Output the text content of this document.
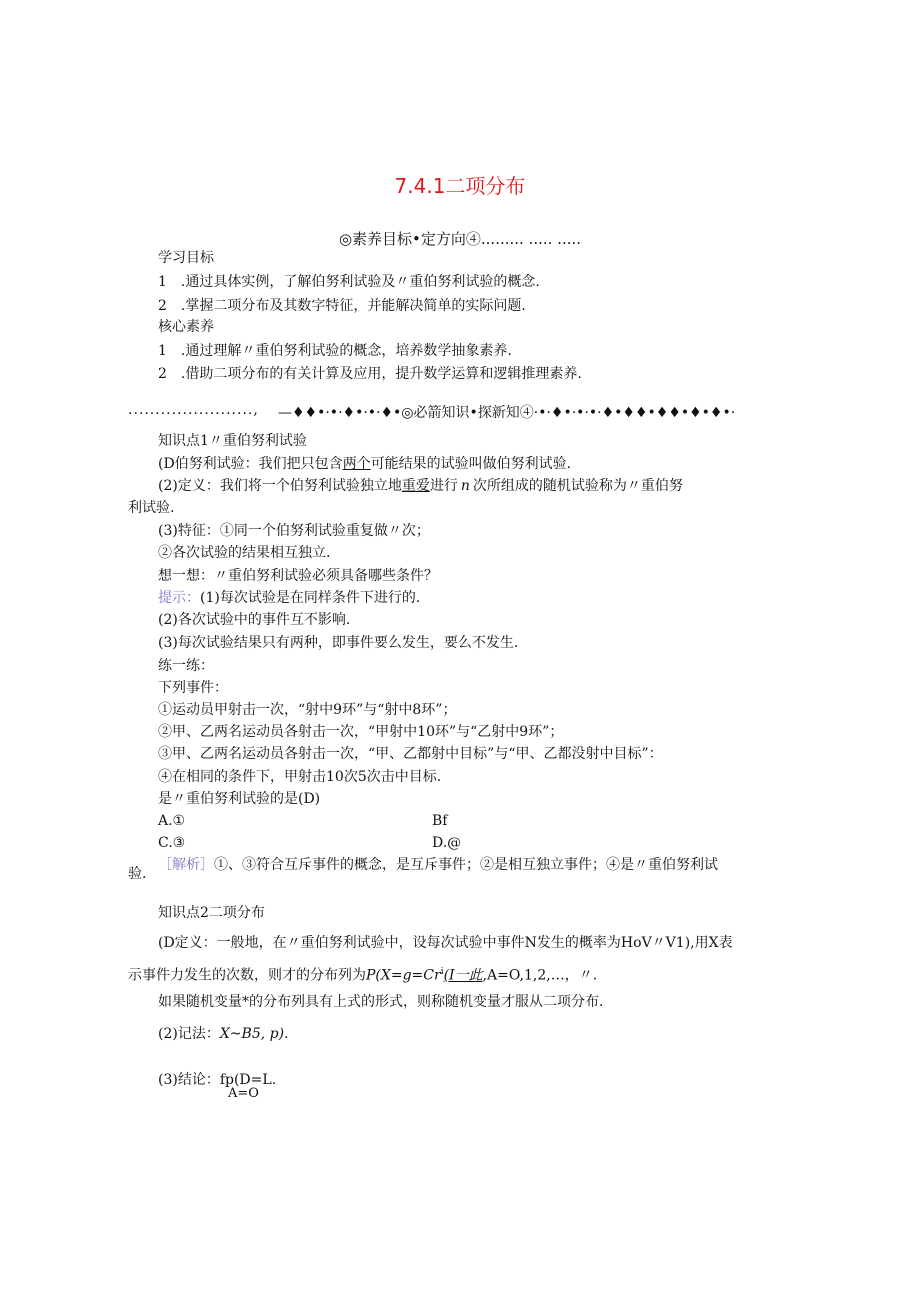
7.4.1二项分布
◎素养目标•定方向④......... ..... .....
学习目标
1　.通过具体实例，了解伯努利试验及〃重伯努利试验的概念.
2　.掌握二项分布及其数字特征，并能解决简单的实际问题.
核心素养
1　.通过理解〃重伯努利试验的概念，培养数学抽象素养.
2　.借助二项分布的有关计算及应用，提升数学运算和逻辑推理素养.
.......................,	—♦♦•·•·♦•·•·♦•◎必箭知识•探新知④·•·♦•·•·•·♦•♦♦•♦♦•♦•♦•·
知识点1〃重伯努利试验
(D伯努利试验：我们把只包含两个可能结果的试验叫做伯努利试验.
(2)定义：我们将一个伯努利试验独立地重爱进行 n 次所组成的随机试验称为〃重伯努
利试验.
(3)特征：①同一个伯努利试验重复做〃次；
②各次试验的结果相互独立.
想一想：〃重伯努利试验必须具备哪些条件？
提示：(1)每次试验是在同样条件下进行的.
(2)各次试验中的事件互不影响.
(3)每次试验结果只有两种，即事件要么发生，要么不发生.
练一练：
下列事件：
①运动员甲射击一次，“射中9环”与“射中8环”；
②甲、乙两名运动员各射击一次，“甲射中10环”与“乙射中9环”；
③甲、乙两名运动员各射击一次，“甲、乙都射中目标”与“甲、乙都没射中目标”：
④在相同的条件下，甲射击10次5次击中目标.
是〃重伯努利试验的是(D)
A.①	Bf
C.③	D.@
［解析］①、③符合互斥事件的概念，是互斥事件；②是相互独立事件；④是〃重伯努利试
验.
知识点2二项分布
(D定义：一般地，在〃重伯努利试验中，设每次试验中事件N发生的概率为HoV〃V1),用X表
示事件力发生的次数，则才的分布列为$P(X=g=Cr^i(I$一此,A=O,1,2,…，〃.
如果随机变量*的分布列具有上式的形式，则称随机变量才服从二项分布.
(2)记法：X~B5, p).
(3)结论：fp(D=L.
A=O
